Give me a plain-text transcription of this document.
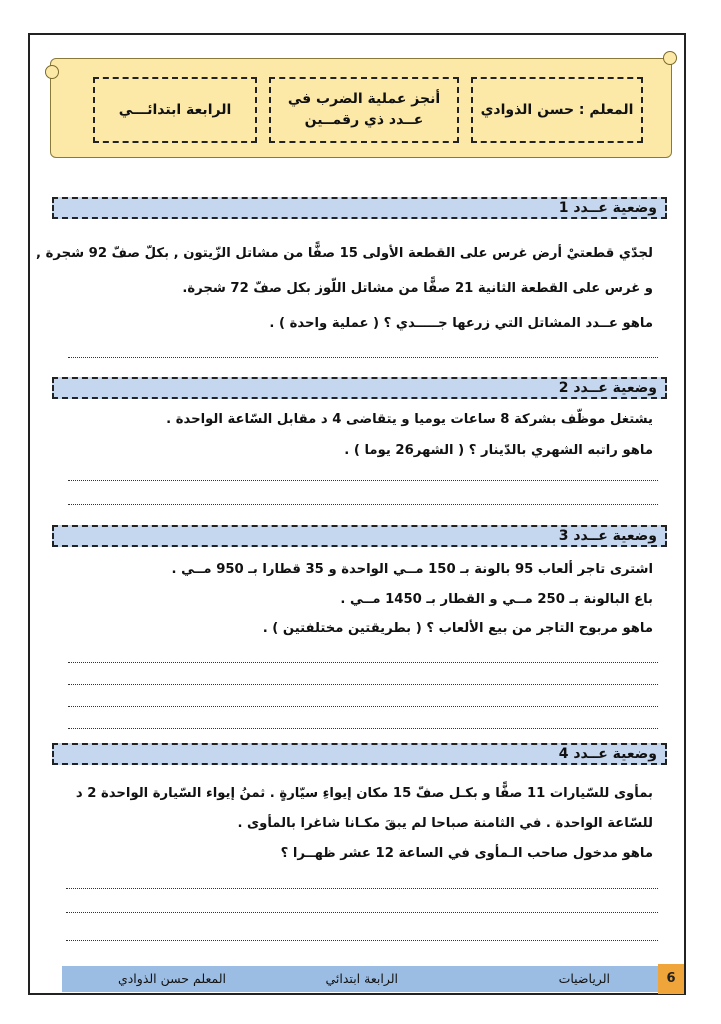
المعلم : حسن الذوادي
أنجز عملية الضرب في عــدد ذي رقمــين
الرابعة ابتدائـــي
وضعية عــدد 1
لجدّي قطعتيْ أرض غرس على القطعة الأولى 15 صفًّا من مشاتل الزّيتون , بكلّ صفّ 92 شجرة ,
و غرس على القطعة الثانية 21 صفًّا من مشاتل اللّوز بكل صفّ 72 شجرة.
ماهو عــدد المشاتل التي زرعها جـــــدي ؟ ( عملية واحدة ) .
وضعية عــدد 2
يشتغل موظّف بشركة 8 ساعات يوميا و يتقاضى 4 د مقابل السّاعة الواحدة .
ماهو راتبه الشهري بالدّينار ؟ ( الشهر26 يوما ) .
وضعية عــدد 3
اشترى تاجر ألعاب 95 بالونة بـ 150 مــي الواحدة و 35 قطارا بـ 950 مــي .
باع البالونة بـ 250 مــي و القطار بـ 1450 مــي .
ماهو مربوح التاجر من بيع الألعاب ؟ ( بطريقتين مختلفتين ) .
وضعية عــدد 4
بمأوى للسّيارات 11 صفًّا و بكـل صفّ 15 مكان إيواءِ سيّارةٍ . ثمنُ إيواء السّيارة الواحدة 2 د
للسّاعة الواحدة . في الثامنة صباحا لم يبقَ مكـانا شاغرا بالمأوى .
ماهو مدخول صاحب الـمأوى في الساعة 12 عشر ظهــرا ؟
الرياضيات
الرابعة ابتدائي
المعلم حسن الذوادي	6
